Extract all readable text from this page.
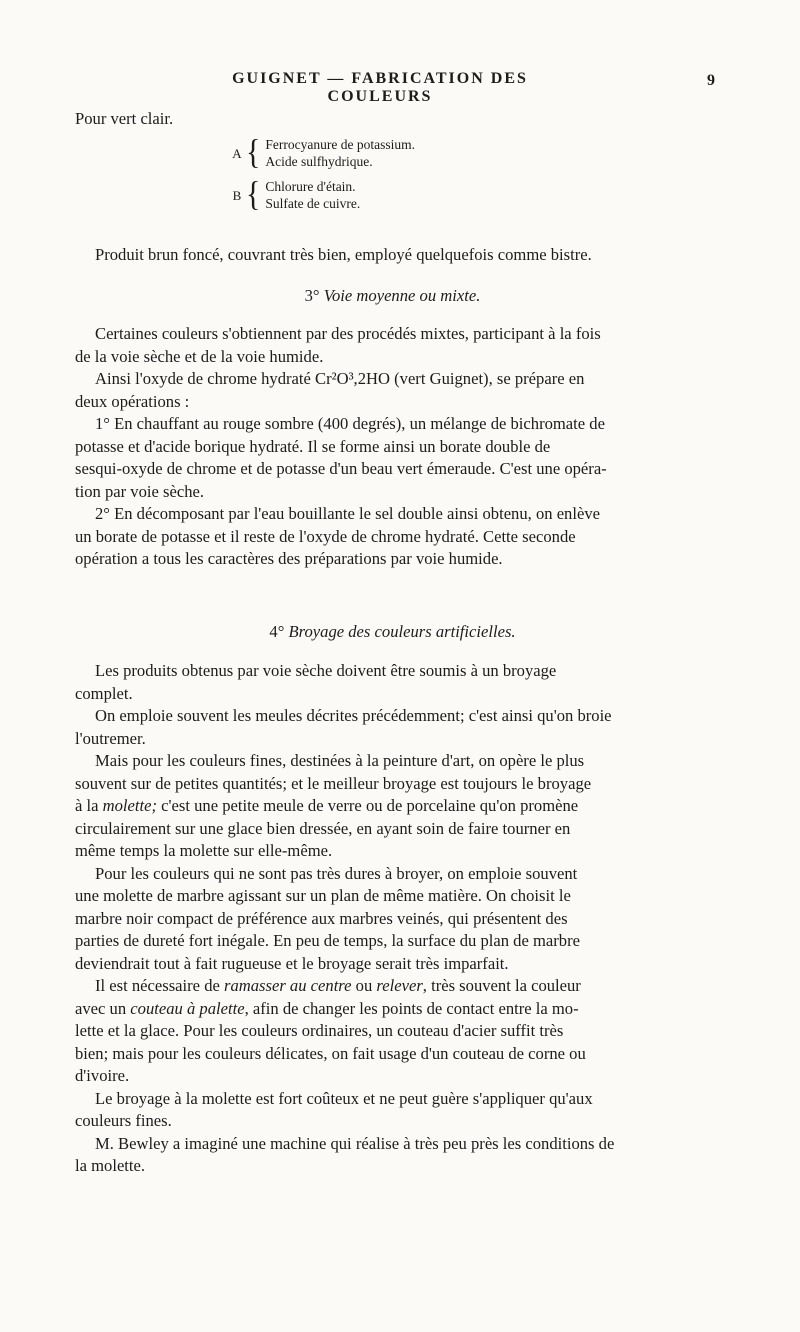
GUIGNET — FABRICATION DES COULEURS
9

Pour vert clair.

A { Ferrocyanure de potassium.
Acide sulfhydrique.
B { Chlorure d'étain.
Sulfate de cuivre.

Produit brun foncé, couvrant très bien, employé quelquefois comme bistre.

3° Voie moyenne ou mixte.

Certaines couleurs s'obtiennent par des procédés mixtes, participant à la fois
de la voie sèche et de la voie humide.

Ainsi l'oxyde de chrome hydraté Cr²O³,2HO (vert Guignet), se prépare en
deux opérations :

1° En chauffant au rouge sombre (400 degrés), un mélange de bichromate de
potasse et d'acide borique hydraté. Il se forme ainsi un borate double de
sesqui-oxyde de chrome et de potasse d'un beau vert émeraude. C'est une opéra-
tion par voie sèche.

2° En décomposant par l'eau bouillante le sel double ainsi obtenu, on enlève
un borate de potasse et il reste de l'oxyde de chrome hydraté. Cette seconde
opération a tous les caractères des préparations par voie humide.

4° Broyage des couleurs artificielles.

Les produits obtenus par voie sèche doivent être soumis à un broyage
complet.

On emploie souvent les meules décrites précédemment; c'est ainsi qu'on broie
l'outremer.

Mais pour les couleurs fines, destinées à la peinture d'art, on opère le plus
souvent sur de petites quantités; et le meilleur broyage est toujours le broyage
à la molette; c'est une petite meule de verre ou de porcelaine qu'on promène
circulairement sur une glace bien dressée, en ayant soin de faire tourner en
même temps la molette sur elle-même.

Pour les couleurs qui ne sont pas très dures à broyer, on emploie souvent
une molette de marbre agissant sur un plan de même matière. On choisit le
marbre noir compact de préférence aux marbres veinés, qui présentent des
parties de dureté fort inégale. En peu de temps, la surface du plan de marbre
deviendrait tout à fait rugueuse et le broyage serait très imparfait.

Il est nécessaire de ramasser au centre ou relever, très souvent la couleur
avec un couteau à palette, afin de changer les points de contact entre la mo-
lette et la glace. Pour les couleurs ordinaires, un couteau d'acier suffit très
bien; mais pour les couleurs délicates, on fait usage d'un couteau de corne ou
d'ivoire.

Le broyage à la molette est fort coûteux et ne peut guère s'appliquer qu'aux
couleurs fines.

M. Bewley a imaginé une machine qui réalise à très peu près les conditions de
la molette.
